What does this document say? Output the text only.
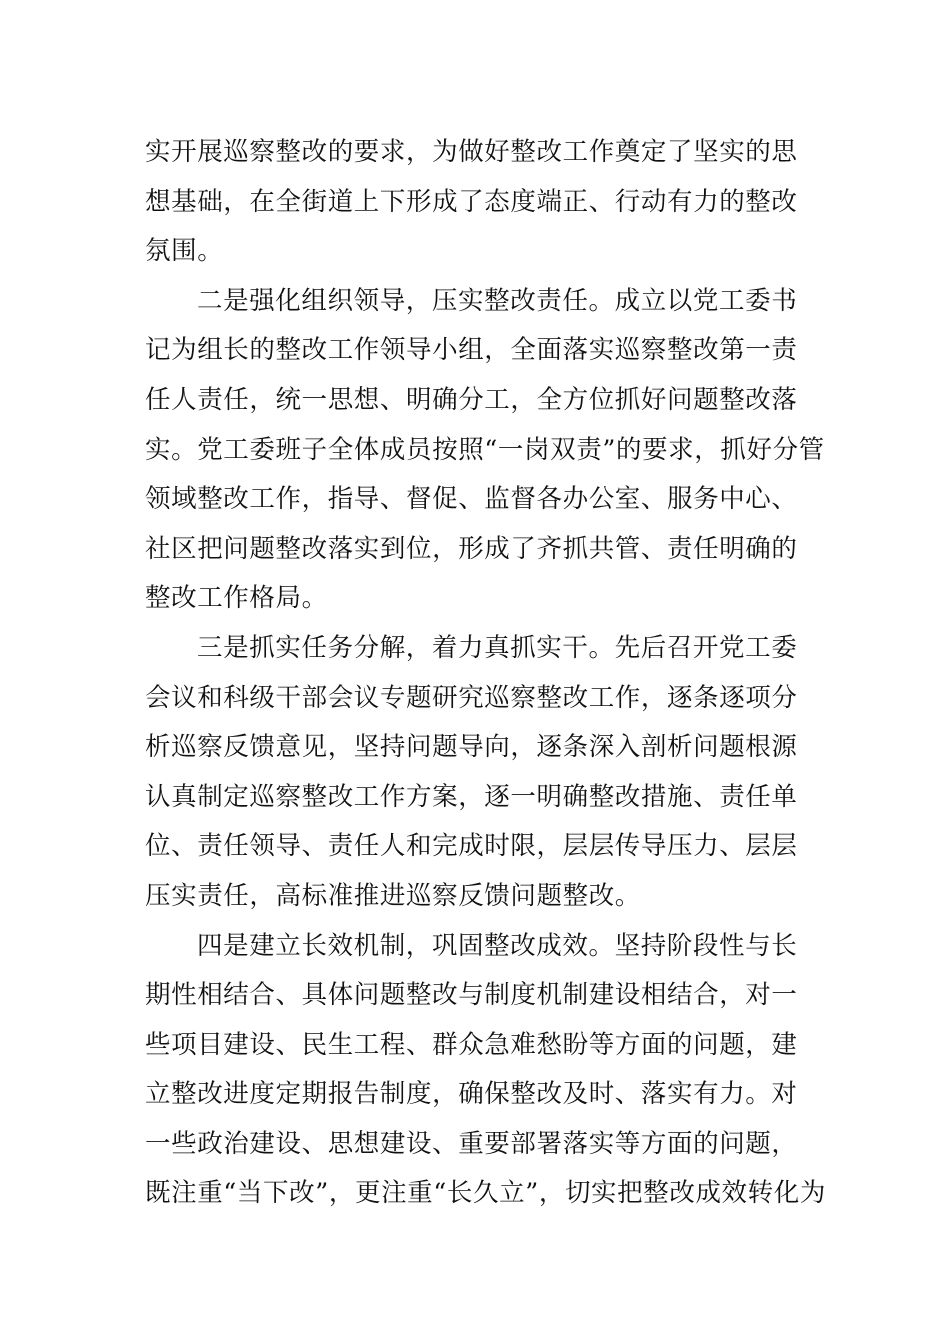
实开展巡察整改的要求，为做好整改工作奠定了坚实的思
想基础，在全街道上下形成了态度端正、行动有力的整改
氛围。
二是强化组织领导，压实整改责任。成立以党工委书
记为组长的整改工作领导小组，全面落实巡察整改第一责
任人责任，统一思想、明确分工，全方位抓好问题整改落
实。党工委班子全体成员按照“一岗双责”的要求，抓好分管
领域整改工作，指导、督促、监督各办公室、服务中心、
社区把问题整改落实到位，形成了齐抓共管、责任明确的
整改工作格局。
三是抓实任务分解，着力真抓实干。先后召开党工委
会议和科级干部会议专题研究巡察整改工作，逐条逐项分
析巡察反馈意见，坚持问题导向，逐条深入剖析问题根源
认真制定巡察整改工作方案，逐一明确整改措施、责任单
位、责任领导、责任人和完成时限，层层传导压力、层层
压实责任，高标准推进巡察反馈问题整改。
四是建立长效机制，巩固整改成效。坚持阶段性与长
期性相结合、具体问题整改与制度机制建设相结合，对一
些项目建设、民生工程、群众急难愁盼等方面的问题，建
立整改进度定期报告制度，确保整改及时、落实有力。对
一些政治建设、思想建设、重要部署落实等方面的问题，
既注重“当下改”，更注重“长久立”，切实把整改成效转化为
